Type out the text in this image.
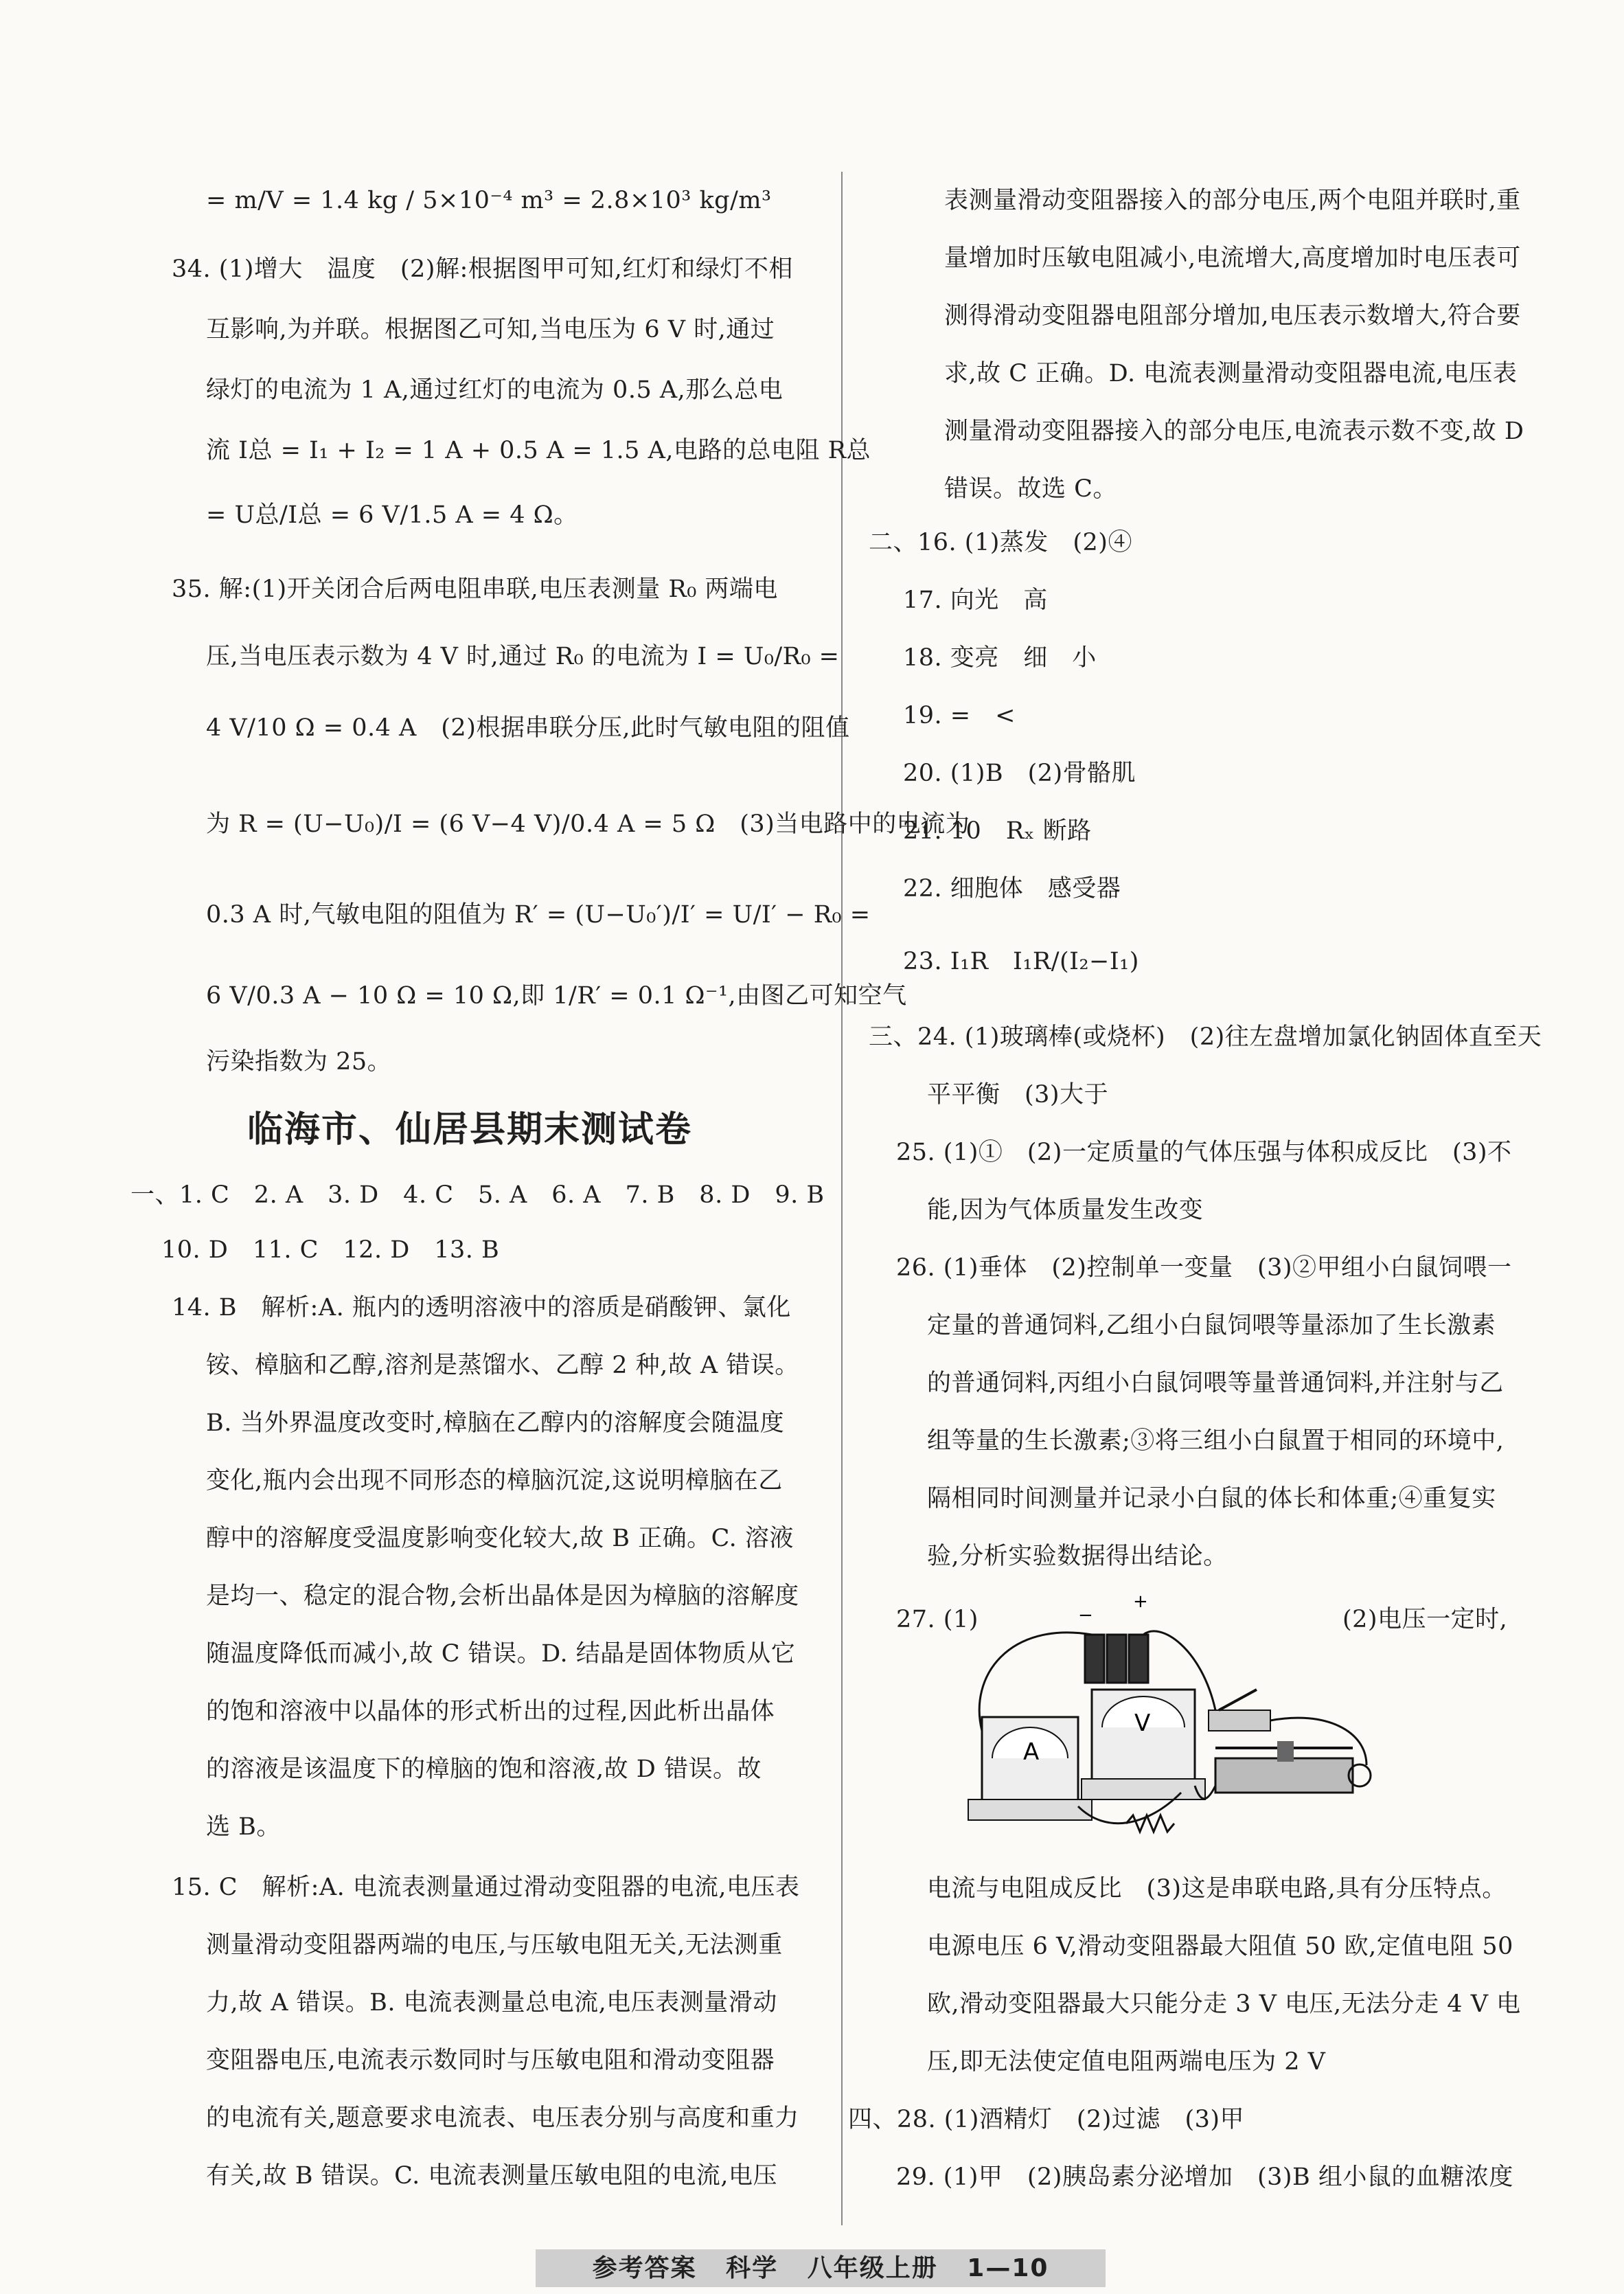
= m/V = 1.4 kg / 5×10⁻⁴ m³ = 2.8×10³ kg/m³
34. (1)增大　温度　(2)解:根据图甲可知,红灯和绿灯不相
互影响,为并联。根据图乙可知,当电压为 6 V 时,通过
绿灯的电流为 1 A,通过红灯的电流为 0.5 A,那么总电
流 I总 = I₁ + I₂ = 1 A + 0.5 A = 1.5 A,电路的总电阻 R总
= U总/I总 = 6 V/1.5 A = 4 Ω。
35. 解:(1)开关闭合后两电阻串联,电压表测量 R₀ 两端电
压,当电压表示数为 4 V 时,通过 R₀ 的电流为 I = U₀/R₀ =
4 V/10 Ω = 0.4 A　(2)根据串联分压,此时气敏电阻的阻值
为 R = (U−U₀)/I = (6 V−4 V)/0.4 A = 5 Ω　(3)当电路中的电流为
0.3 A 时,气敏电阻的阻值为 R′ = (U−U₀′)/I′ = U/I′ − R₀ =
6 V/0.3 A − 10 Ω = 10 Ω,即 1/R′ = 0.1 Ω⁻¹,由图乙可知空气
污染指数为 25。
临海市、仙居县期末测试卷
一、1. C　2. A　3. D　4. C　5. A　6. A　7. B　8. D　9. B
10. D　11. C　12. D　13. B
14. B　解析:A. 瓶内的透明溶液中的溶质是硝酸钾、氯化
铵、樟脑和乙醇,溶剂是蒸馏水、乙醇 2 种,故 A 错误。
B. 当外界温度改变时,樟脑在乙醇内的溶解度会随温度
变化,瓶内会出现不同形态的樟脑沉淀,这说明樟脑在乙
醇中的溶解度受温度影响变化较大,故 B 正确。C. 溶液
是均一、稳定的混合物,会析出晶体是因为樟脑的溶解度
随温度降低而减小,故 C 错误。D. 结晶是固体物质从它
的饱和溶液中以晶体的形式析出的过程,因此析出晶体
的溶液是该温度下的樟脑的饱和溶液,故 D 错误。故
选 B。
15. C　解析:A. 电流表测量通过滑动变阻器的电流,电压表
测量滑动变阻器两端的电压,与压敏电阻无关,无法测重
力,故 A 错误。B. 电流表测量总电流,电压表测量滑动
变阻器电压,电流表示数同时与压敏电阻和滑动变阻器
的电流有关,题意要求电流表、电压表分别与高度和重力
有关,故 B 错误。C. 电流表测量压敏电阻的电流,电压
表测量滑动变阻器接入的部分电压,两个电阻并联时,重
量增加时压敏电阻减小,电流增大,高度增加时电压表可
测得滑动变阻器电阻部分增加,电压表示数增大,符合要
求,故 C 正确。D. 电流表测量滑动变阻器电流,电压表
测量滑动变阻器接入的部分电压,电流表示数不变,故 D
错误。故选 C。
二、16. (1)蒸发　(2)④
17. 向光　高
18. 变亮　细　小
19. =　<
20. (1)B　(2)骨骼肌
21. 10　Rₓ 断路
22. 细胞体　感受器
23. I₁R　I₁R/(I₂−I₁)
三、24. (1)玻璃棒(或烧杯)　(2)往左盘增加氯化钠固体直至天
平平衡　(3)大于
25. (1)①　(2)一定质量的气体压强与体积成反比　(3)不
能,因为气体质量发生改变
26. (1)垂体　(2)控制单一变量　(3)②甲组小白鼠饲喂一
定量的普通饲料,乙组小白鼠饲喂等量添加了生长激素
的普通饲料,丙组小白鼠饲喂等量普通饲料,并注射与乙
组等量的生长激素;③将三组小白鼠置于相同的环境中,
隔相同时间测量并记录小白鼠的体长和体重;④重复实
验,分析实验数据得出结论。
27. (1)	(2)电压一定时,
−
+
A
V
电流与电阻成反比　(3)这是串联电路,具有分压特点。
电源电压 6 V,滑动变阻器最大阻值 50 欧,定值电阻 50
欧,滑动变阻器最大只能分走 3 V 电压,无法分走 4 V 电
压,即无法使定值电阻两端电压为 2 V
四、28. (1)酒精灯　(2)过滤　(3)甲
29. (1)甲　(2)胰岛素分泌增加　(3)B 组小鼠的血糖浓度
参考答案 科学 八年级上册 1—10
